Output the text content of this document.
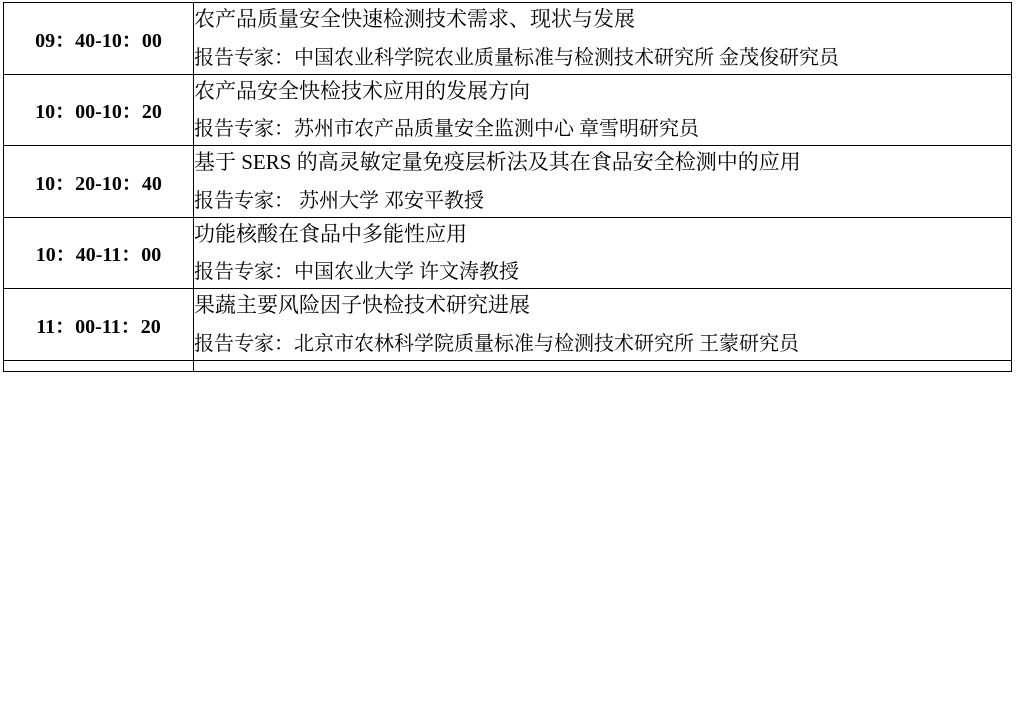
09：40-10：00	农产品质量安全快速检测技术需求、现状与发展

报告专家：中国农业科学院农业质量标准与检测技术研究所 金茂俊研究员

10：00-10：20	农产品安全快检技术应用的发展方向

报告专家：苏州市农产品质量安全监测中心 章雪明研究员

10：20-10：40	基于 SERS 的高灵敏定量免疫层析法及其在食品安全检测中的应用

报告专家： 苏州大学 邓安平教授

10：40-11：00	功能核酸在食品中多能性应用

报告专家：中国农业大学 许文涛教授

11：00-11：20	果蔬主要风险因子快检技术研究进展

报告专家：北京市农林科学院质量标准与检测技术研究所 王蒙研究员
